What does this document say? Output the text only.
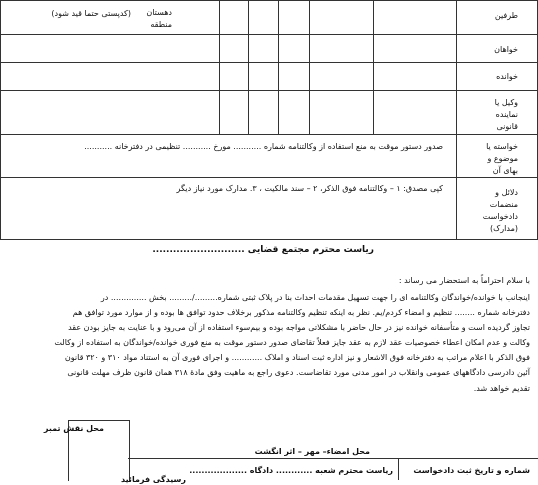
طرفین
خواهان
خوانده
وکیل یا
نماینده
قانونی
خواسته یا
موضوع و
بهای آن
دلائل و
منضمات
دادخواست
(مدارک)
دهستان
(کدپستی حتما قید شود)
منطقه
صدور دستور موقت به منع استفاده از وکالتنامه شماره ........... مورخ ........... تنظیمی در دفترخانه ...........
کپی مصدق: ۱ – وکالتنامه فوق الذکر، ۲ – سند مالکیت ، ۳. مدارک مورد نیاز دیگر
ریاست محترم مجتمع قضایی ...........................
با سلام احتراماً به استحضار می رساند :
اینجانب با خوانده/خواندگان وکالتنامه ای را جهت تسهیل مقدمات احداث بنا در پلاک ثبتی شماره........./......... بخش .............. در
دفترخانه شماره ........ تنظیم و امضاء کردم/یم. نظر به اینکه تنظیم وکالتنامه مذکور برخلاف حدود توافق ها بوده و از موارد مورد توافق هم
تجاوز گردیده است و متأسفانه خوانده نیز در حال حاضر با مشکلاتی مواجه بوده و بیم‌سوء استفاده از آن می‌رود و با عنایت به جایز بودن عقد
وکالت و عدم امکان اعطاء خصوصیات عقد لازم به عقد جایز فعلاً تقاضای صدور دستور موقت به منع فوری خوانده/خواندگان به استفاده از وکالت
فوق الذکر با اعلام مراتب به دفترخانه فوق الاشعار و نیز اداره ثبت اسناد و املاک ............ و اجرای فوری آن به استناد مواد ۳۱۰ و ۳۲۰ قانون
آئین دادرسی دادگاههای عمومی وانقلاب در امور مدنی مورد تقاضاست. دعوی راجع به ماهیت وفق مادهٔ ۳۱۸ همان قانون ظرف مهلت قانونی
تقدیم خواهد شد.
محل امضاء– مهر – اثر انگشت
محل نقش تمبر
شماره و تاریخ ثبت دادخواست
ریاست محترم شعبه ............ دادگاه ...................
رسیدگی فرمائید
